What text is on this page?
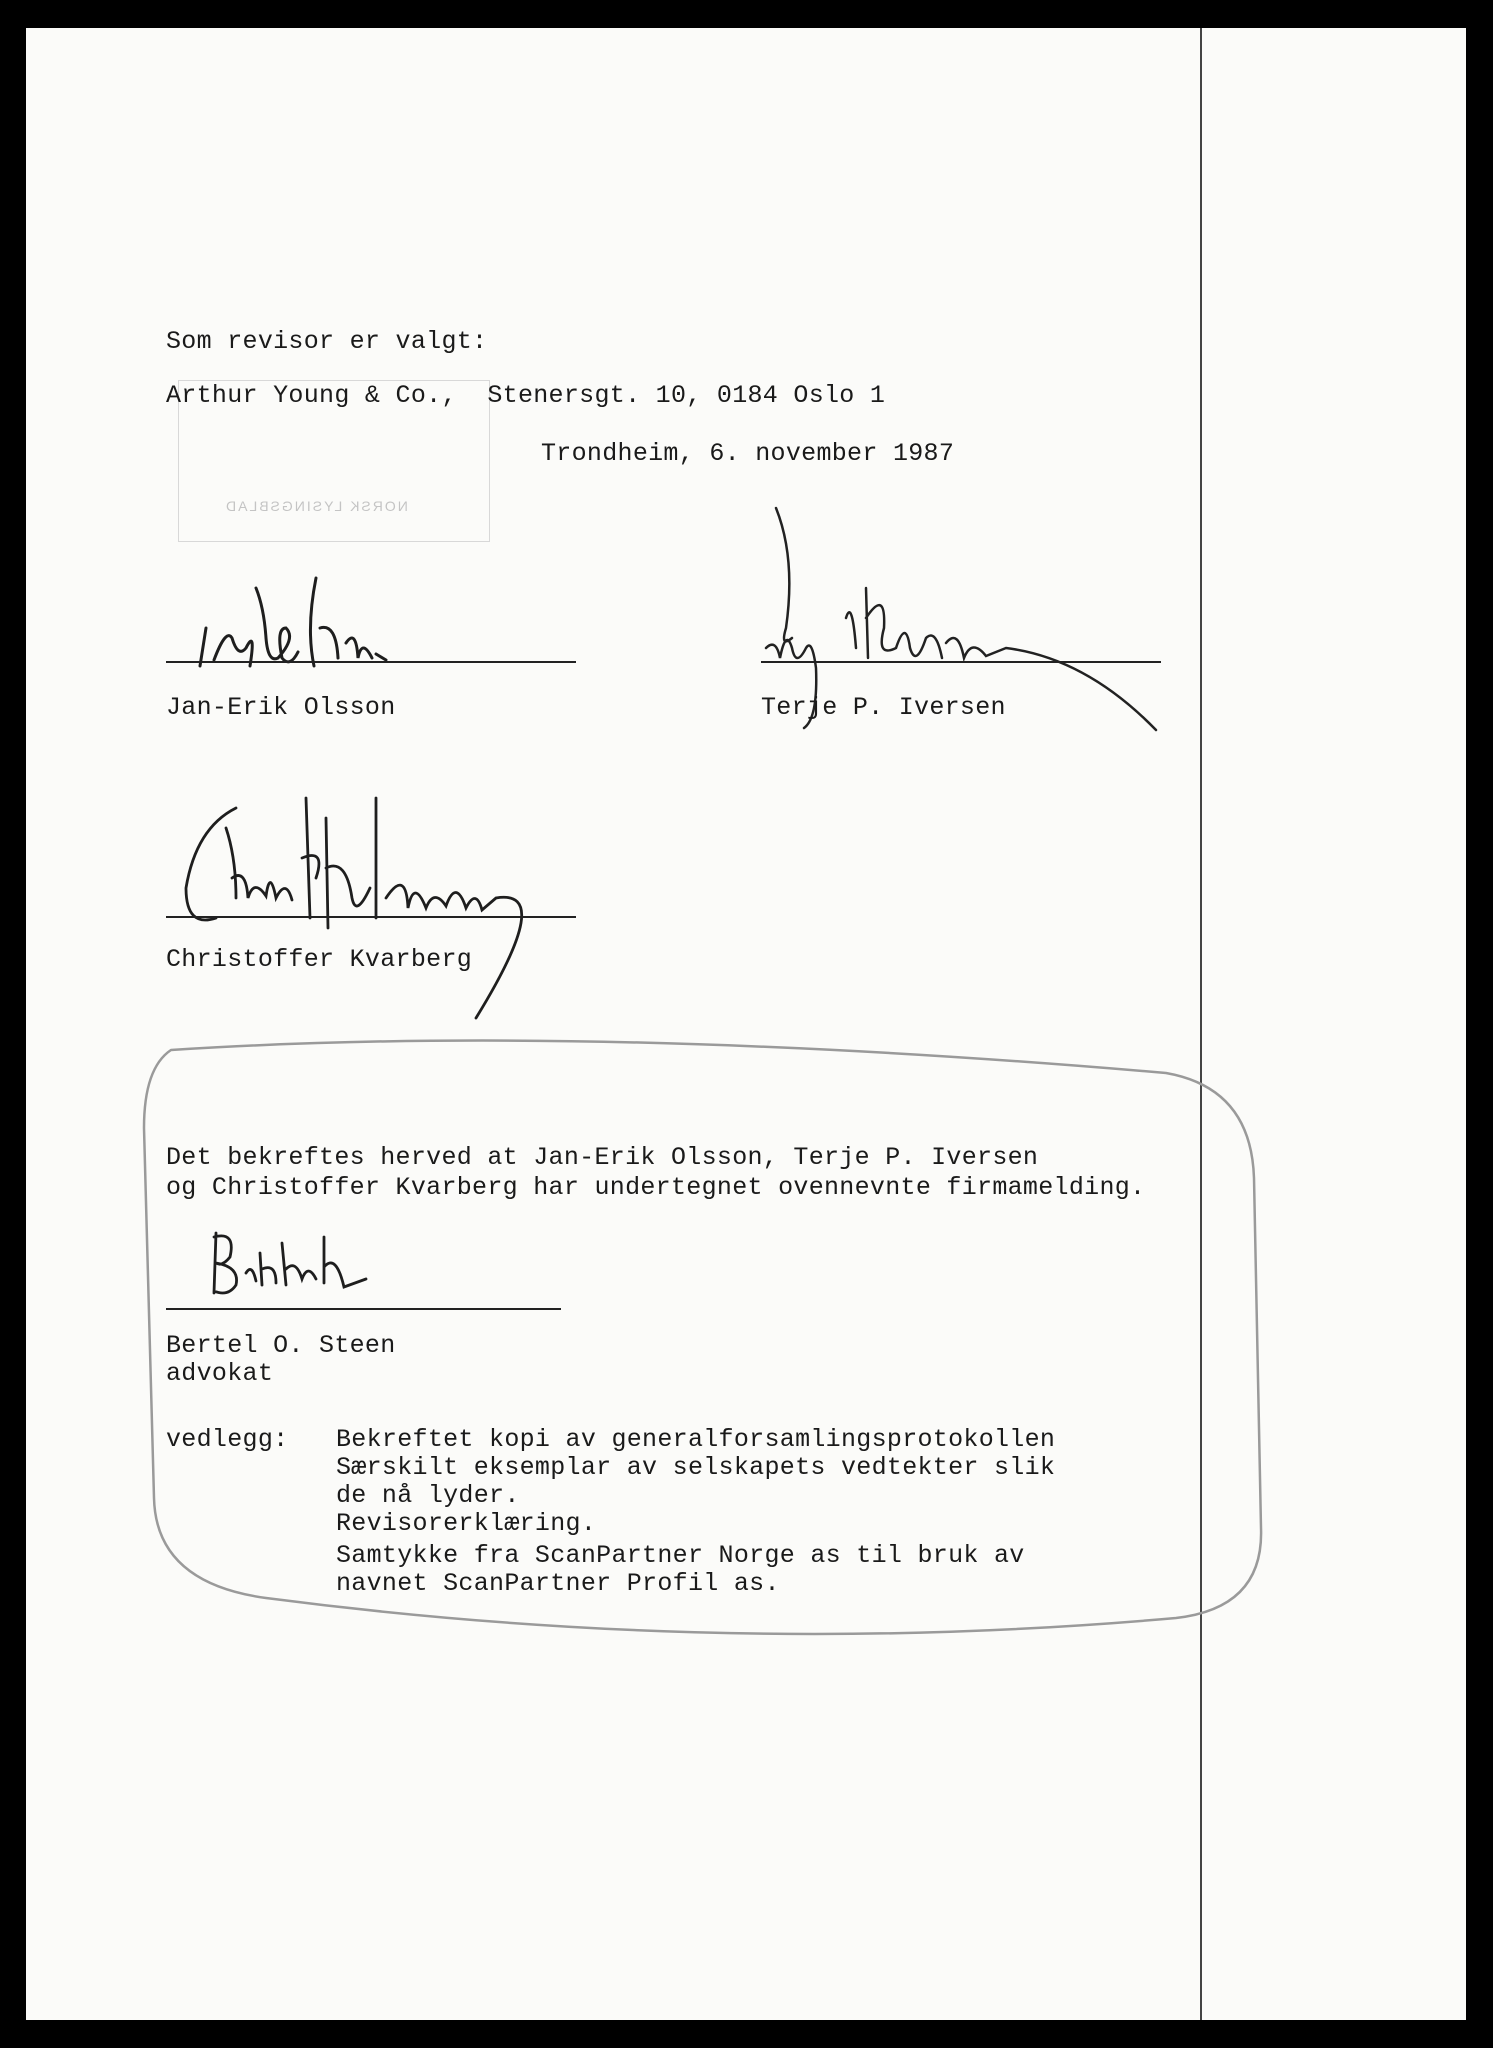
NORSK LYSINGSBLAD
Som revisor er valgt:
Arthur Young & Co.,  Stenersgt. 10, 0184 Oslo 1
Trondheim, 6. november 1987
Jan-Erik Olsson	Terje P. Iversen
Christoffer Kvarberg
Det bekreftes herved at Jan-Erik Olsson, Terje P. Iversen
og Christoffer Kvarberg har undertegnet ovennevnte firmamelding.
Bertel O. Steen
advokat
vedlegg: Bekreftet kopi av generalforsamlingsprotokollen
Særskilt eksemplar av selskapets vedtekter slik
de nå lyder.
Revisorerklæring.
Samtykke fra ScanPartner Norge as til bruk av
navnet ScanPartner Profil as.
